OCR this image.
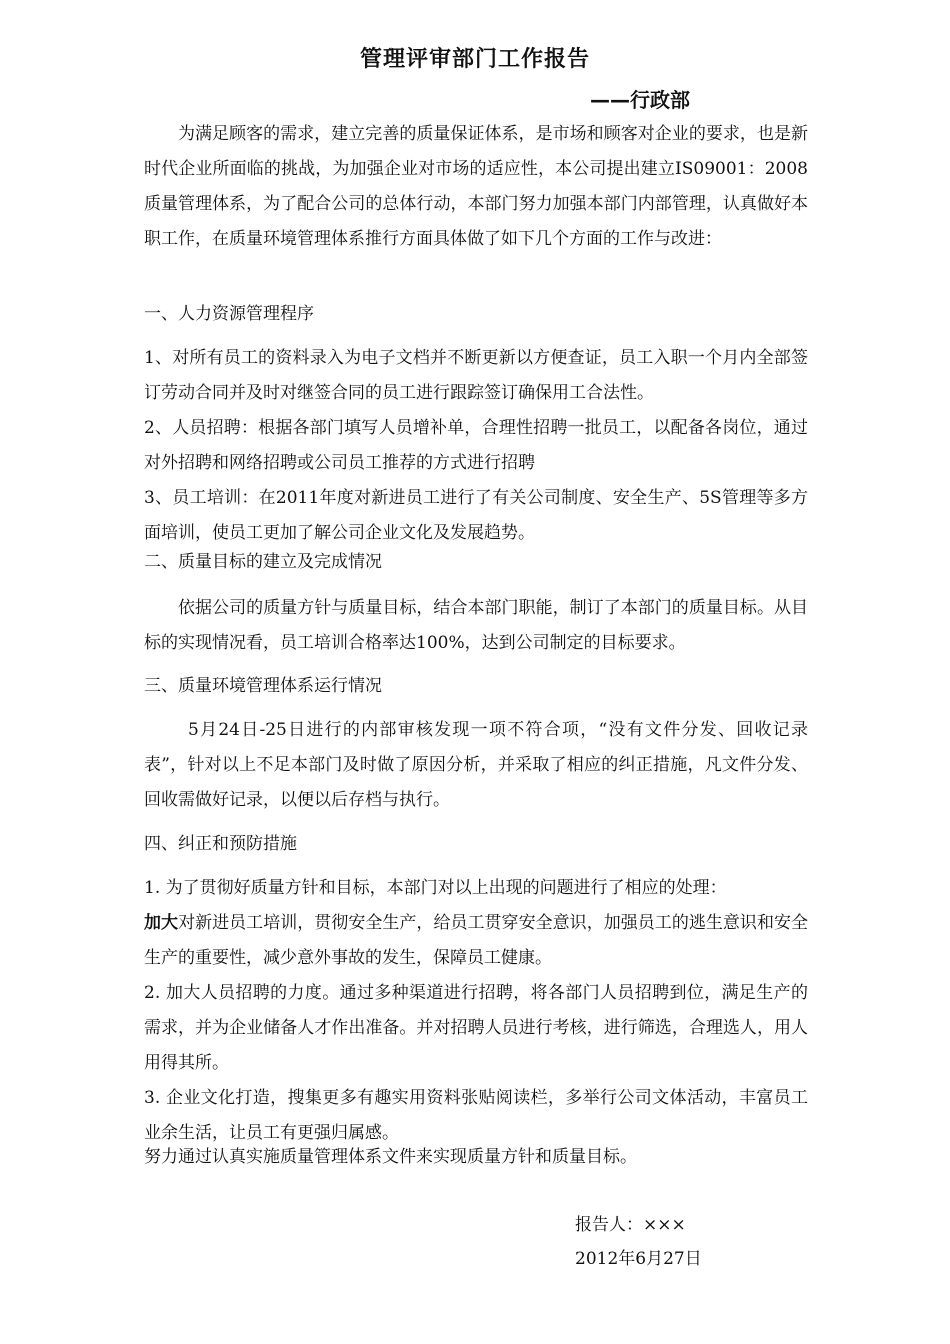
管理评审部门工作报告
——行政部
为满足顾客的需求，建立完善的质量保证体系，是市场和顾客对企业的要求，也是新时代企业所面临的挑战，为加强企业对市场的适应性，本公司提出建立IS09001：2008质量管理体系，为了配合公司的总体行动，本部门努力加强本部门内部管理，认真做好本职工作，在质量环境管理体系推行方面具体做了如下几个方面的工作与改进：
一、人力资源管理程序
1、对所有员工的资料录入为电子文档并不断更新以方便查证，员工入职一个月内全部签订劳动合同并及时对继签合同的员工进行跟踪签订确保用工合法性。
2、人员招聘：根据各部门填写人员增补单，合理性招聘一批员工，以配备各岗位，通过对外招聘和网络招聘或公司员工推荐的方式进行招聘
3、员工培训：在2011年度对新进员工进行了有关公司制度、安全生产、5S管理等多方面培训，使员工更加了解公司企业文化及发展趋势。
二、质量目标的建立及完成情况
依据公司的质量方针与质量目标，结合本部门职能，制订了本部门的质量目标。从目标的实现情况看，员工培训合格率达100%，达到公司制定的目标要求。
三、质量环境管理体系运行情况
5月24日-25日进行的内部审核发现一项不符合项，“没有文件分发、回收记录表”，针对以上不足本部门及时做了原因分析，并采取了相应的纠正措施，凡文件分发、回收需做好记录，以便以后存档与执行。
四、纠正和预防措施
1. 为了贯彻好质量方针和目标，本部门对以上出现的问题进行了相应的处理：
加大对新进员工培训，贯彻安全生产，给员工贯穿安全意识，加强员工的逃生意识和安全生产的重要性，减少意外事故的发生，保障员工健康。
2. 加大人员招聘的力度。通过多种渠道进行招聘，将各部门人员招聘到位，满足生产的需求，并为企业储备人才作出准备。并对招聘人员进行考核，进行筛选，合理选人，用人用得其所。
3. 企业文化打造，搜集更多有趣实用资料张贴阅读栏，多举行公司文体活动，丰富员工业余生活，让员工有更强归属感。
努力通过认真实施质量管理体系文件来实现质量方针和质量目标。
报告人：×××
2012年6月27日
